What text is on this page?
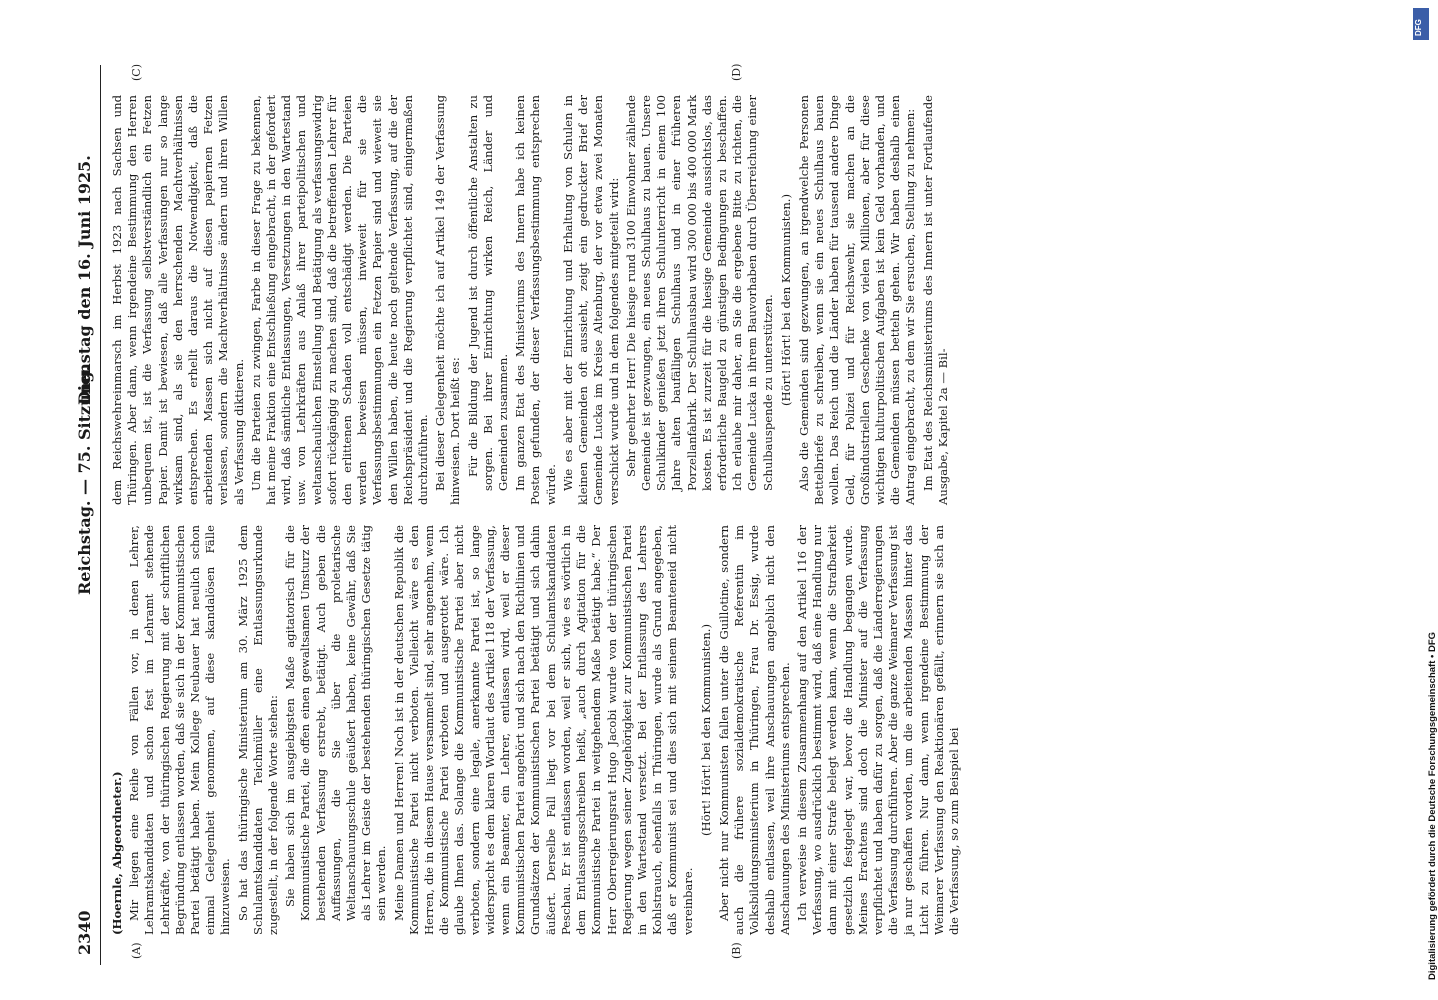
2340
Reichstag. — 75. Sitzung.
Dienstag den 16. Juni 1925.
(A)	(B)
(C)	(D)

(Hoernle, Abgeordneter.) Mir liegen eine Reihe von Fällen vor, in denen Lehrer, Lehramtskandidaten und schon fest im Lehramt stehende Lehrkräfte, von der thüringischen Regierung mit der schriftlichen Begründung entlassen worden, daß sie sich in der Kommunistischen Partei betätigt haben. Mein Kollege Neubauer hat neulich schon einmal Gelegenheit genommen, auf diese skandalösen Fälle hinzuweisen. So hat das thüringische Ministerium am 30. März 1925 dem Schulamtskandidaten Teichmüller eine Entlassungsurkunde zugestellt, in der folgende Worte stehen: Sie haben sich im ausgiebigsten Maße agitatorisch für die Kommunistische Partei, die offen einen gewaltsamen Umsturz der bestehenden Verfassung erstrebt, betätigt. Auch geben die Auffassungen, die Sie über die proletarische Weltanschauungsschule geäußert haben, keine Gewähr, daß Sie als Lehrer im Geiste der bestehenden thüringischen Gesetze tätig sein werden. Meine Damen und Herren! Noch ist in der deutschen Republik die Kommunistische Partei nicht verboten. Vielleicht wäre es den Herren, die in diesem Hause versammelt sind, sehr angenehm, wenn die Kommunistische Partei verboten und ausgerottet wäre. Ich glaube Ihnen das. Solange die Kommunistische Partei aber nicht verboten, sondern eine legale, anerkannte Partei ist, so lange widerspricht es dem klaren Wortlaut des Artikel 118 der Verfassung, wenn ein Beamter, ein Lehrer, entlassen wird, weil er dieser Kommunistischen Partei angehört und sich nach den Richtlinien und Grundsätzen der Kommunistischen Partei betätigt und sich dahin äußert. Derselbe Fall liegt vor bei dem Schulamtskandidaten Peschau. Er ist entlassen worden, weil er sich, wie es wörtlich in dem Entlassungsschreiben heißt, „auch durch Agitation für die Kommunistische Partei in weitgehendem Maße betätigt habe.“ Der Herr Oberregierungsrat Hugo Jacobi wurde von der thüringischen Regierung wegen seiner Zugehörigkeit zur Kommunistischen Partei in den Wartestand versetzt. Bei der Entlassung des Lehrers Kohlstrauch, ebenfalls in Thüringen, wurde als Grund angegeben, daß er Kommunist sei und dies sich mit seinem Beamteneid nicht vereinbare.

(Hört! Hört! bei den Kommunisten.) Aber nicht nur Kommunisten fallen unter die Guillotine, sondern auch die frühere sozialdemokratische Referentin im Volksbildungsministerium in Thüringen, Frau Dr. Essig, wurde deshalb entlassen, weil ihre Anschauungen angeblich nicht den Anschauungen des Ministeriums entsprechen. Ich verweise in diesem Zusammenhang auf den Artikel 116 der Verfassung, wo ausdrücklich bestimmt wird, daß eine Handlung nur dann mit einer Strafe belegt werden kann, wenn die Strafbarkeit gesetzlich festgelegt war, bevor die Handlung begangen wurde. Meines Erachtens sind doch die Minister auf die Verfassung verpflichtet und haben dafür zu sorgen, daß die Länderregierungen die Verfassung durchführen. Aber die ganze Weimarer Verfassung ist ja nur geschaffen worden, um die arbeitenden Massen hinter das Licht zu führen. Nur dann, wenn irgendeine Bestimmung der Weimarer Verfassung den Reaktionären gefällt, erinnern sie sich an die Verfassung, so zum Beispiel bei

dem Reichswehreinmarsch im Herbst 1923 nach Sachsen und Thüringen. Aber dann, wenn irgendeine Bestimmung den Herren unbequem ist, ist die Verfassung selbstverständlich ein Fetzen Papier. Damit ist bewiesen, daß alle Verfassungen nur so lange wirksam sind, als sie den herrschenden Machtverhältnissen entsprechen. Es erhellt daraus die Notwendigkeit, daß die arbeitenden Massen sich nicht auf diesen papiernen Fetzen verlassen, sondern die Machtverhältnisse ändern und ihren Willen als Verfassung diktieren. Um die Parteien zu zwingen, Farbe in dieser Frage zu bekennen, hat meine Fraktion eine Entschließung eingebracht, in der gefordert wird, daß sämtliche Entlassungen, Versetzungen in den Wartestand usw. von Lehrkräften aus Anlaß ihrer parteipolitischen und weltanschaulichen Einstellung und Betätigung als verfassungswidrig sofort rückgängig zu machen sind, daß die betreffenden Lehrer für den erlittenen Schaden voll entschädigt werden. Die Parteien werden beweisen müssen, inwieweit für sie die Verfassungsbestimmungen ein Fetzen Papier sind und wieweit sie den Willen haben, die heute noch geltende Verfassung, auf die der Reichspräsident und die Regierung verpflichtet sind, einigermaßen durchzuführen. Bei dieser Gelegenheit möchte ich auf Artikel 149 der Verfassung hinweisen. Dort heißt es: Für die Bildung der Jugend ist durch öffentliche Anstalten zu sorgen. Bei ihrer Einrichtung wirken Reich, Länder und Gemeinden zusammen. Im ganzen Etat des Ministeriums des Innern habe ich keinen Posten gefunden, der dieser Verfassungsbestimmung entsprechen würde. Wie es aber mit der Einrichtung und Erhaltung von Schulen in kleinen Gemeinden oft aussieht, zeigt ein gedruckter Brief der Gemeinde Lucka im Kreise Altenburg, der vor etwa zwei Monaten verschickt wurde und in dem folgendes mitgeteilt wird: Sehr geehrter Herr! Die hiesige rund 3100 Einwohner zählende Gemeinde ist gezwungen, ein neues Schulhaus zu bauen. Unsere Schulkinder genießen jetzt ihren Schulunterricht in einem 100 Jahre alten baufälligen Schulhaus und in einer früheren Porzellanfabrik. Der Schulhausbau wird 300 000 bis 400 000 Mark kosten. Es ist zurzeit für die hiesige Gemeinde aussichtslos, das erforderliche Baugeld zu günstigen Bedingungen zu beschaffen. Ich erlaube mir daher, an Sie die ergebene Bitte zu richten, die Gemeinde Lucka in ihrem Bauvorhaben durch Überreichung einer Schulbauspende zu unterstützen. (Hört! Hört! bei den Kommunisten.) Also die Gemeinden sind gezwungen, an irgendwelche Personen Bettelbriefe zu schreiben, wenn sie ein neues Schulhaus bauen wollen. Das Reich und die Länder haben für tausend andere Dinge Geld, für Polizei und für Reichswehr, sie machen an die Großindustriellen Geschenke von vielen Millionen, aber für diese wichtigen kulturpolitischen Aufgaben ist kein Geld vorhanden, und die Gemeinden müssen betteln gehen. Wir haben deshalb einen Antrag eingebracht, zu dem wir Sie ersuchen, Stellung zu nehmen: Im Etat des Reichsministeriums des Innern ist unter Fortlaufende Ausgabe, Kapitel 2a — Bil-

DFG
Digitalisierung gefördert durch die Deutsche Forschungsgemeinschaft • DFG
